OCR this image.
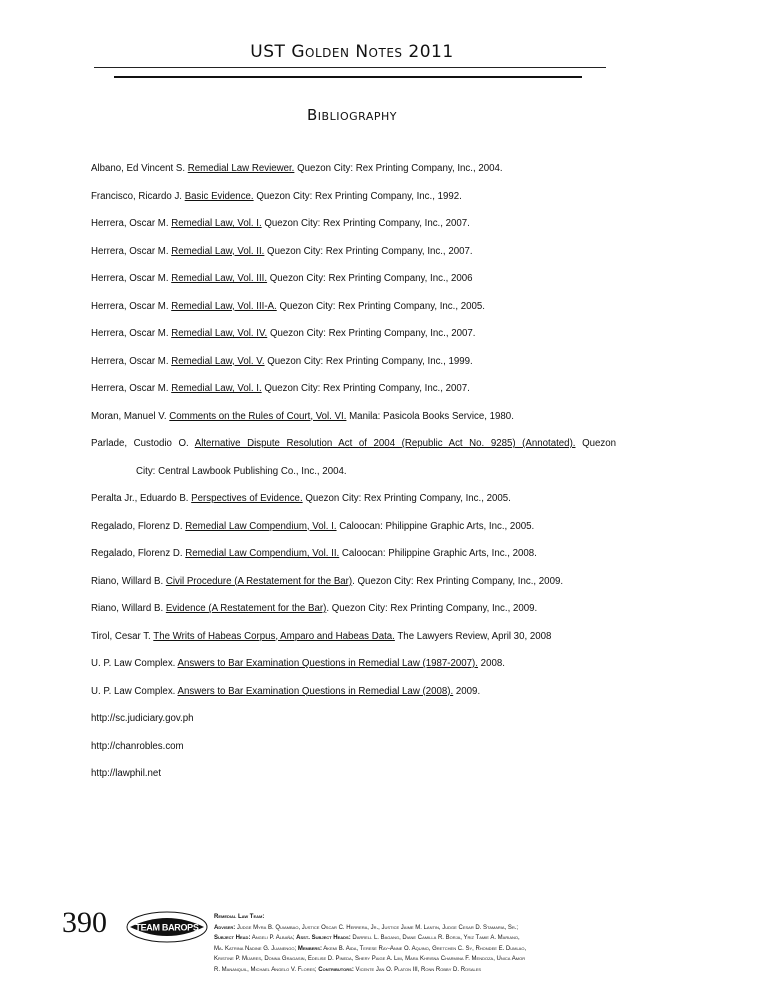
UST Golden Notes 2011
Bibliography
Albano, Ed Vincent S. Remedial Law Reviewer. Quezon City: Rex Printing Company, Inc., 2004.
Francisco, Ricardo J. Basic Evidence. Quezon City: Rex Printing Company, Inc., 1992.
Herrera, Oscar M. Remedial Law, Vol. I. Quezon City: Rex Printing Company, Inc., 2007.
Herrera, Oscar M. Remedial Law, Vol. II. Quezon City: Rex Printing Company, Inc., 2007.
Herrera, Oscar M. Remedial Law, Vol. III. Quezon City: Rex Printing Company, Inc., 2006
Herrera, Oscar M. Remedial Law, Vol. III-A. Quezon City: Rex Printing Company, Inc., 2005.
Herrera, Oscar M. Remedial Law, Vol. IV. Quezon City: Rex Printing Company, Inc., 2007.
Herrera, Oscar M. Remedial Law, Vol. V. Quezon City: Rex Printing Company, Inc., 1999.
Herrera, Oscar M. Remedial Law, Vol. I. Quezon City: Rex Printing Company, Inc., 2007.
Moran, Manuel V. Comments on the Rules of Court, Vol. VI. Manila: Pasicola Books Service, 1980.
Parlade, Custodio O. Alternative Dispute Resolution Act of 2004 (Republic Act No. 9285) (Annotated). Quezon
City: Central Lawbook Publishing Co., Inc., 2004.
Peralta Jr., Eduardo B. Perspectives of Evidence. Quezon City: Rex Printing Company, Inc., 2005.
Regalado, Florenz D. Remedial Law Compendium, Vol. I. Caloocan: Philippine Graphic Arts, Inc., 2005.
Regalado, Florenz D. Remedial Law Compendium, Vol. II. Caloocan: Philippine Graphic Arts, Inc., 2008.
Riano, Willard B. Civil Procedure (A Restatement for the Bar). Quezon City: Rex Printing Company, Inc., 2009.
Riano, Willard B. Evidence (A Restatement for the Bar). Quezon City: Rex Printing Company, Inc., 2009.
Tirol, Cesar T. The Writs of Habeas Corpus, Amparo and Habeas Data. The Lawyers Review, April 30, 2008
U. P. Law Complex. Answers to Bar Examination Questions in Remedial Law (1987-2007). 2008.
U. P. Law Complex. Answers to Bar Examination Questions in Remedial Law (2008). 2009.
http://sc.judiciary.gov.ph
http://chanrobles.com
http://lawphil.net
390	TEAM BAROPS
Remedial Law Team:
Adviser: Judge Myra B. Quiambao, Justice Oscar C. Herrera, Jr., Justice Jaime M. Lantin, Judge Cesar D. Stamaria, Sr.;
Subject Head: Angeli P. Albaña; Asst. Subject Heads: Darrell L. Bagang, Diane Camilla R. Borja, Yriz Tamie A. Mariano,
Ma. Katrina Nadine G. Juanengo; Members: Akemi B. Aida, Terese Ray-Anne O. Aquino, Gretchen C. Sy, Rhondee E. Dumlao,
Kristine P. Mijares, Donna Gragasin, Edelise D. Pineda, Shery Paige A. Lim, Mara Khrisna Charmina F. Mendoza, Unica Amor
R. Mananquil, Michael Angelo V. Flores; Contributors: Vicente Jan O. Platon III, Ronn Robby D. Rosales
